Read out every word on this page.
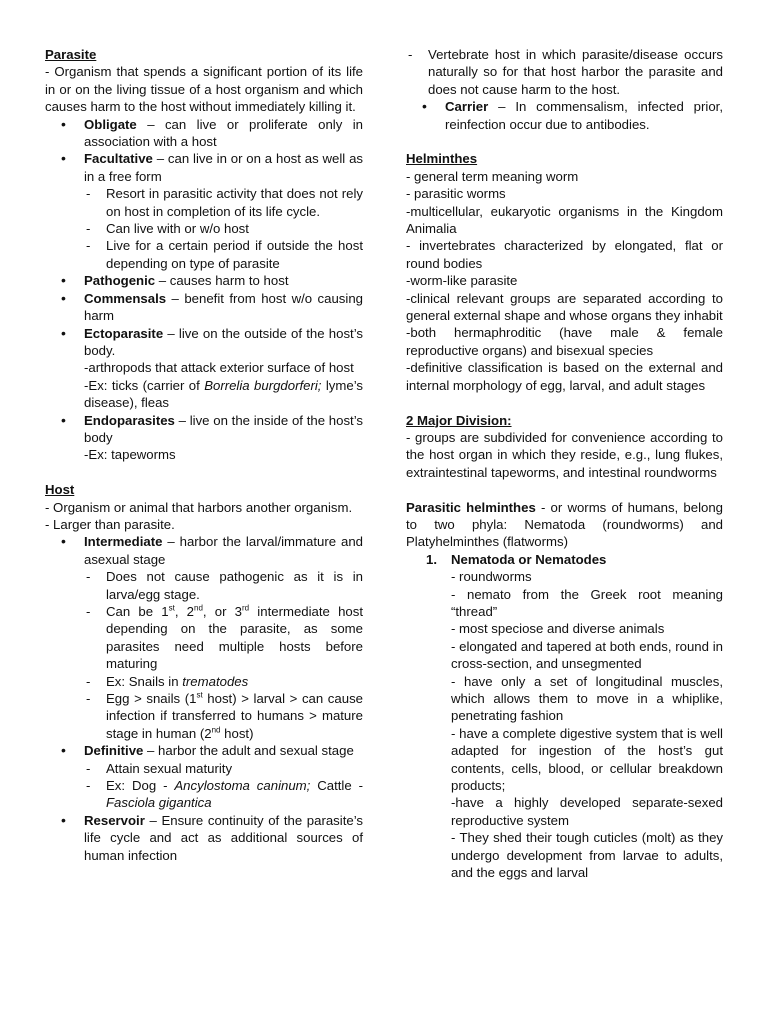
Parasite

- Organism that spends a significant portion of its life in or on the living tissue of a host organism and which causes harm to the host without immediately killing it.

• Obligate – can live or proliferate only in association with a host
• Facultative – can live in or on a host as well as in a free form
- Resort in parasitic activity that does not rely on host in completion of its life cycle.
- Can live with or w/o host
- Live for a certain period if outside the host depending on type of parasite
• Pathogenic – causes harm to host
• Commensals – benefit from host w/o causing harm
• Ectoparasite – live on the outside of the host’s body.
-arthropods that attack exterior surface of host
-Ex: ticks (carrier of Borrelia burgdorferi; lyme’s disease), fleas
• Endoparasites – live on the inside of the host’s body
-Ex: tapeworms

Host

- Organism or animal that harbors another organism.

- Larger than parasite.

• Intermediate – harbor the larval/immature and asexual stage
- Does not cause pathogenic as it is in larva/egg stage.
- Can be 1st, 2nd, or 3rd intermediate host depending on the parasite, as some parasites need multiple hosts before maturing
- Ex: Snails in trematodes
- Egg > snails (1st host) > larval > can cause infection if transferred to humans > mature stage in human (2nd host)
• Definitive – harbor the adult and sexual stage
- Attain sexual maturity
- Ex: Dog - Ancylostoma caninum; Cattle - Fasciola gigantica
• Reservoir – Ensure continuity of the parasite’s life cycle and act as additional sources of human infection
- Vertebrate host in which parasite/disease occurs naturally so for that host harbor the parasite and does not cause harm to the host.
• Carrier – In commensalism, infected prior, reinfection occur due to antibodies.

Helminthes

- general term meaning worm

- parasitic worms

-multicellular, eukaryotic organisms in the Kingdom Animalia

- invertebrates characterized by elongated, flat or round bodies

-worm-like parasite

-clinical relevant groups are separated according to general external shape and whose organs they inhabit

-both hermaphroditic (have male & female reproductive organs) and bisexual species

-definitive classification is based on the external and internal morphology of egg, larval, and adult stages

2 Major Division:

- groups are subdivided for convenience according to the host organ in which they reside, e.g., lung flukes, extraintestinal tapeworms, and intestinal roundworms

Parasitic helminthes - or worms of humans, belong to two phyla: Nematoda (roundworms) and Platyhelminthes (flatworms)

1. Nematoda or Nematodes
- roundworms
- nemato from the Greek root meaning “thread”
- most speciose and diverse animals
- elongated and tapered at both ends, round in cross-section, and unsegmented
- have only a set of longitudinal muscles, which allows them to move in a whiplike, penetrating fashion
- have a complete digestive system that is well adapted for ingestion of the host’s gut contents, cells, blood, or cellular breakdown products;
-have a highly developed separate-sexed reproductive system
- They shed their tough cuticles (molt) as they undergo development from larvae to adults, and the eggs and larval
